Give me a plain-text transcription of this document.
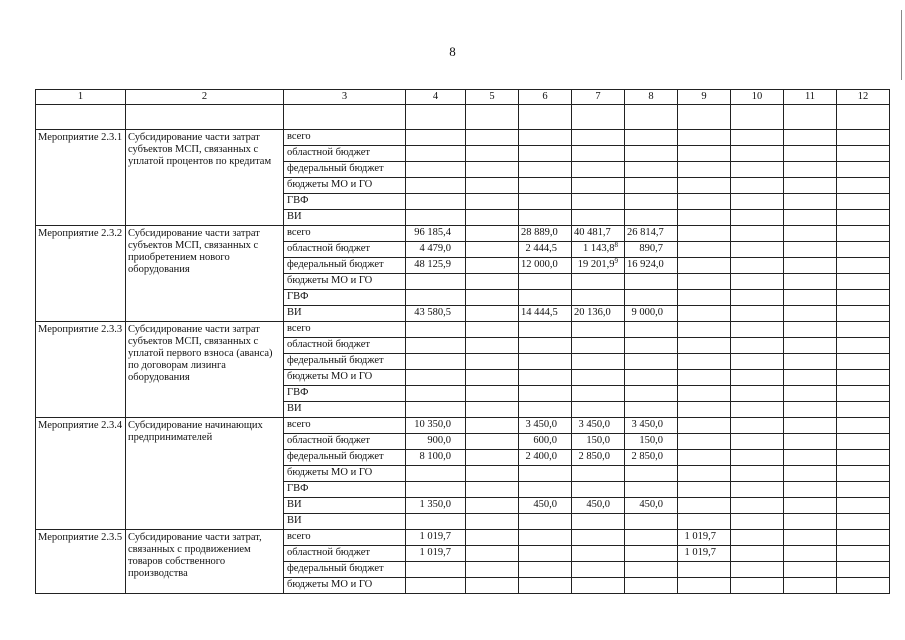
8
1	2	3	4	5	6	7	8	9	10	11	12

Мероприятие 2.3.1	Субсидирование части затрат субъектов МСП, связанных с уплатой процентов по кредитам	всего									
		областной бюджет									
		федеральный бюджет									
		бюджеты МО и ГО									
		ГВФ									
		ВИ									
Мероприятие 2.3.2	Субсидирование части затрат субъектов МСП, связанных с приобретением нового оборудования	всего	96 185,4		28 889,0	40 481,7	26 814,7				
		областной бюджет	4 479,0		2 444,5	1 143,8$^8$	890,7				
		федеральный бюджет	48 125,9		12 000,0	19 201,9$^9$	16 924,0				
		бюджеты МО и ГО									
		ГВФ									
		ВИ	43 580,5		14 444,5	20 136,0	9 000,0				
Мероприятие 2.3.3	Субсидирование части затрат субъектов МСП, связанных с уплатой первого взноса (аванса) по договорам лизинга оборудования	всего									
		областной бюджет									
		федеральный бюджет									
		бюджеты МО и ГО									
		ГВФ									
		ВИ									
Мероприятие 2.3.4	Субсидирование начинающих предпринимателей	всего	10 350,0		3 450,0	3 450,0	3 450,0				
		областной бюджет	900,0		600,0	150,0	150,0				
		федеральный бюджет	8 100,0		2 400,0	2 850,0	2 850,0				
		бюджеты МО и ГО									
		ГВФ									
		ВИ	1 350,0		450,0	450,0	450,0				
		ВИ									
Мероприятие 2.3.5	Субсидирование части затрат, связанных с продвижением товаров собственного производства	всего	1 019,7					1 019,7			
		областной бюджет	1 019,7					1 019,7			
		федеральный бюджет									
		бюджеты МО и ГО									
